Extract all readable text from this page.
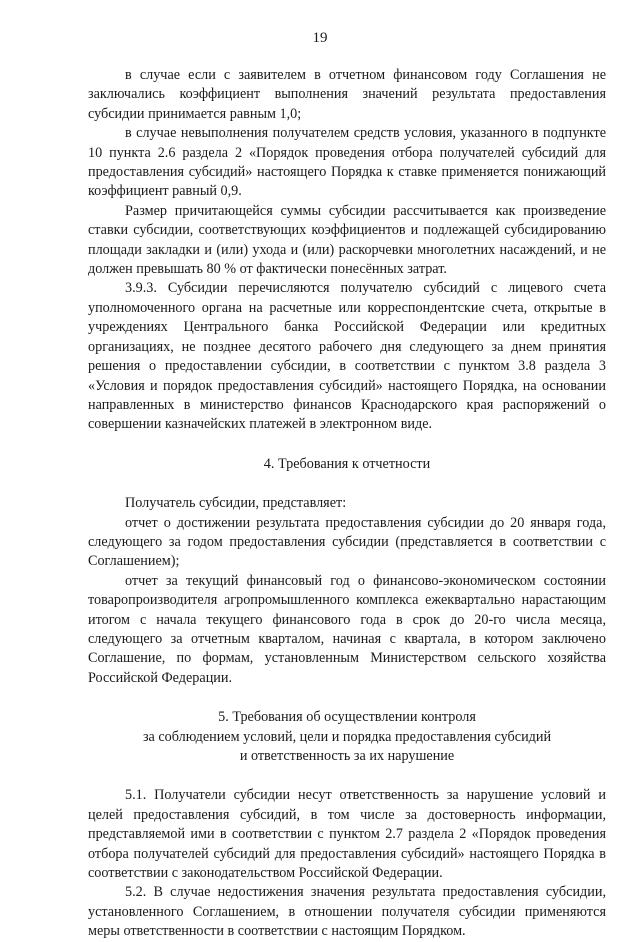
19

в случае если с заявителем в отчетном финансовом году Соглашения не заключались коэффициент выполнения значений результата предоставления субсидии принимается равным 1,0;

в случае невыполнения получателем средств условия, указанного в подпункте 10 пункта 2.6 раздела 2 «Порядок проведения отбора получателей субсидий для предоставления субсидий» настоящего Порядка к ставке применяется понижающий коэффициент равный 0,9.

Размер причитающейся суммы субсидии рассчитывается как произведение ставки субсидии, соответствующих коэффициентов и подлежащей субсидированию площади закладки и (или) ухода и (или) раскорчевки многолетних насаждений, и не должен превышать 80 % от фактически понесённых затрат.

3.9.3. Субсидии перечисляются получателю субсидий с лицевого счета уполномоченного органа на расчетные или корреспондентские счета, открытые в учреждениях Центрального банка Российской Федерации или кредитных организациях, не позднее десятого рабочего дня следующего за днем принятия решения о предоставлении субсидии, в соответствии с пунктом 3.8 раздела 3 «Условия и порядок предоставления субсидий» настоящего Порядка, на основании направленных в министерство финансов Краснодарского края распоряжений о совершении казначейских платежей в электронном виде.

4. Требования к отчетности

Получатель субсидии, представляет:

отчет о достижении результата предоставления субсидии до 20 января года, следующего за годом предоставления субсидии (представляется в соответствии с Соглашением);

отчет за текущий финансовый год о финансово-экономическом состоянии товаропроизводителя агропромышленного комплекса ежеквартально нарастающим итогом с начала текущего финансового года в срок до 20-го числа месяца, следующего за отчетным кварталом, начиная с квартала, в котором заключено Соглашение, по формам, установленным Министерством сельского хозяйства Российской Федерации.

5. Требования об осуществлении контроля

за соблюдением условий, цели и порядка предоставления субсидий

и ответственность за их нарушение

5.1. Получатели субсидии несут ответственность за нарушение условий и целей предоставления субсидий, в том числе за достоверность информации, представляемой ими в соответствии с пунктом 2.7 раздела 2 «Порядок проведения отбора получателей субсидий для предоставления субсидий» настоящего Порядка в соответствии с законодательством Российской Федерации.

5.2. В случае недостижения значения результата предоставления субсидии, установленного Соглашением, в отношении получателя субсидии применяются меры ответственности в соответствии с настоящим Порядком.
